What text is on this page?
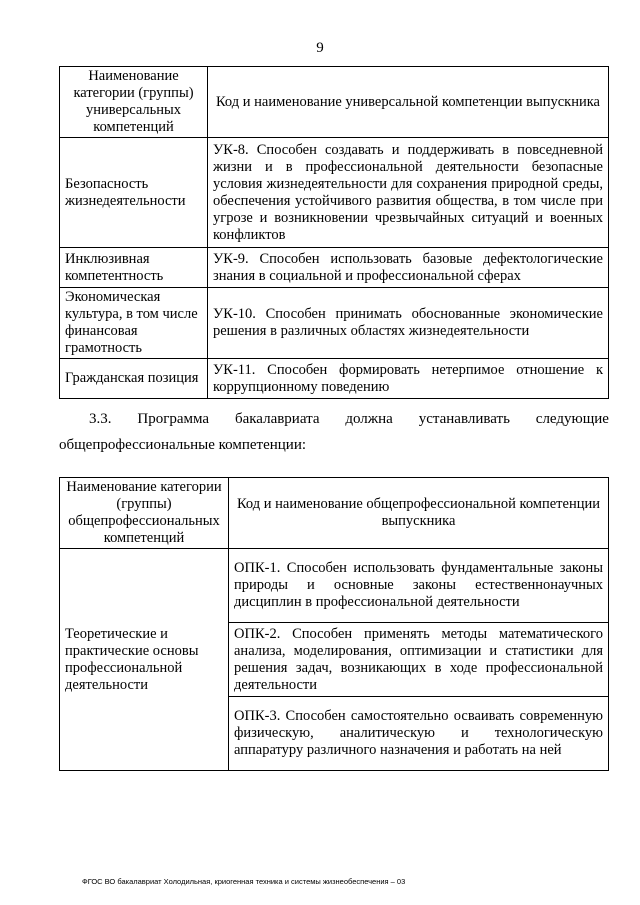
9
Наименование категории (группы) универсальных компетенций	Код и наименование универсальной компетенции выпускника
Безопасность жизнедеятельности	УК-8. Способен создавать и поддерживать в повседневной жизни и в профессиональной деятельности безопасные условия жизнедеятельности для сохранения природной среды, обеспечения устойчивого развития общества, в том числе при угрозе и возникновении чрезвычайных ситуаций и военных конфликтов
Инклюзивная компетентность	УК-9. Способен использовать базовые дефектологические знания в социальной и профессиональной сферах
Экономическая культура, в том числе финансовая грамотность	УК-10. Способен принимать обоснованные экономические решения в различных областях жизнедеятельности
Гражданская позиция	УК-11. Способен формировать нетерпимое отношение к коррупционному поведению
3.3. Программа бакалавриата должна устанавливать следующие
общепрофессиональные компетенции:
Наименование категории (группы) общепрофессиональных компетенций	Код и наименование общепрофессиональной компетенции выпускника
Теоретические и практические основы профессиональной деятельности	ОПК-1. Способен использовать фундаментальные законы природы и основные законы естественнонаучных дисциплин в профессиональной деятельности
	ОПК-2. Способен применять методы математического анализа, моделирования, оптимизации и статистики для решения задач, возникающих в ходе профессиональной деятельности
	ОПК-3. Способен самостоятельно осваивать современную физическую, аналитическую и технологическую аппаратуру различного назначения и работать на ней
ФГОС ВО бакалавриат Холодильная, криогенная техника и системы жизнеобеспечения – 03
